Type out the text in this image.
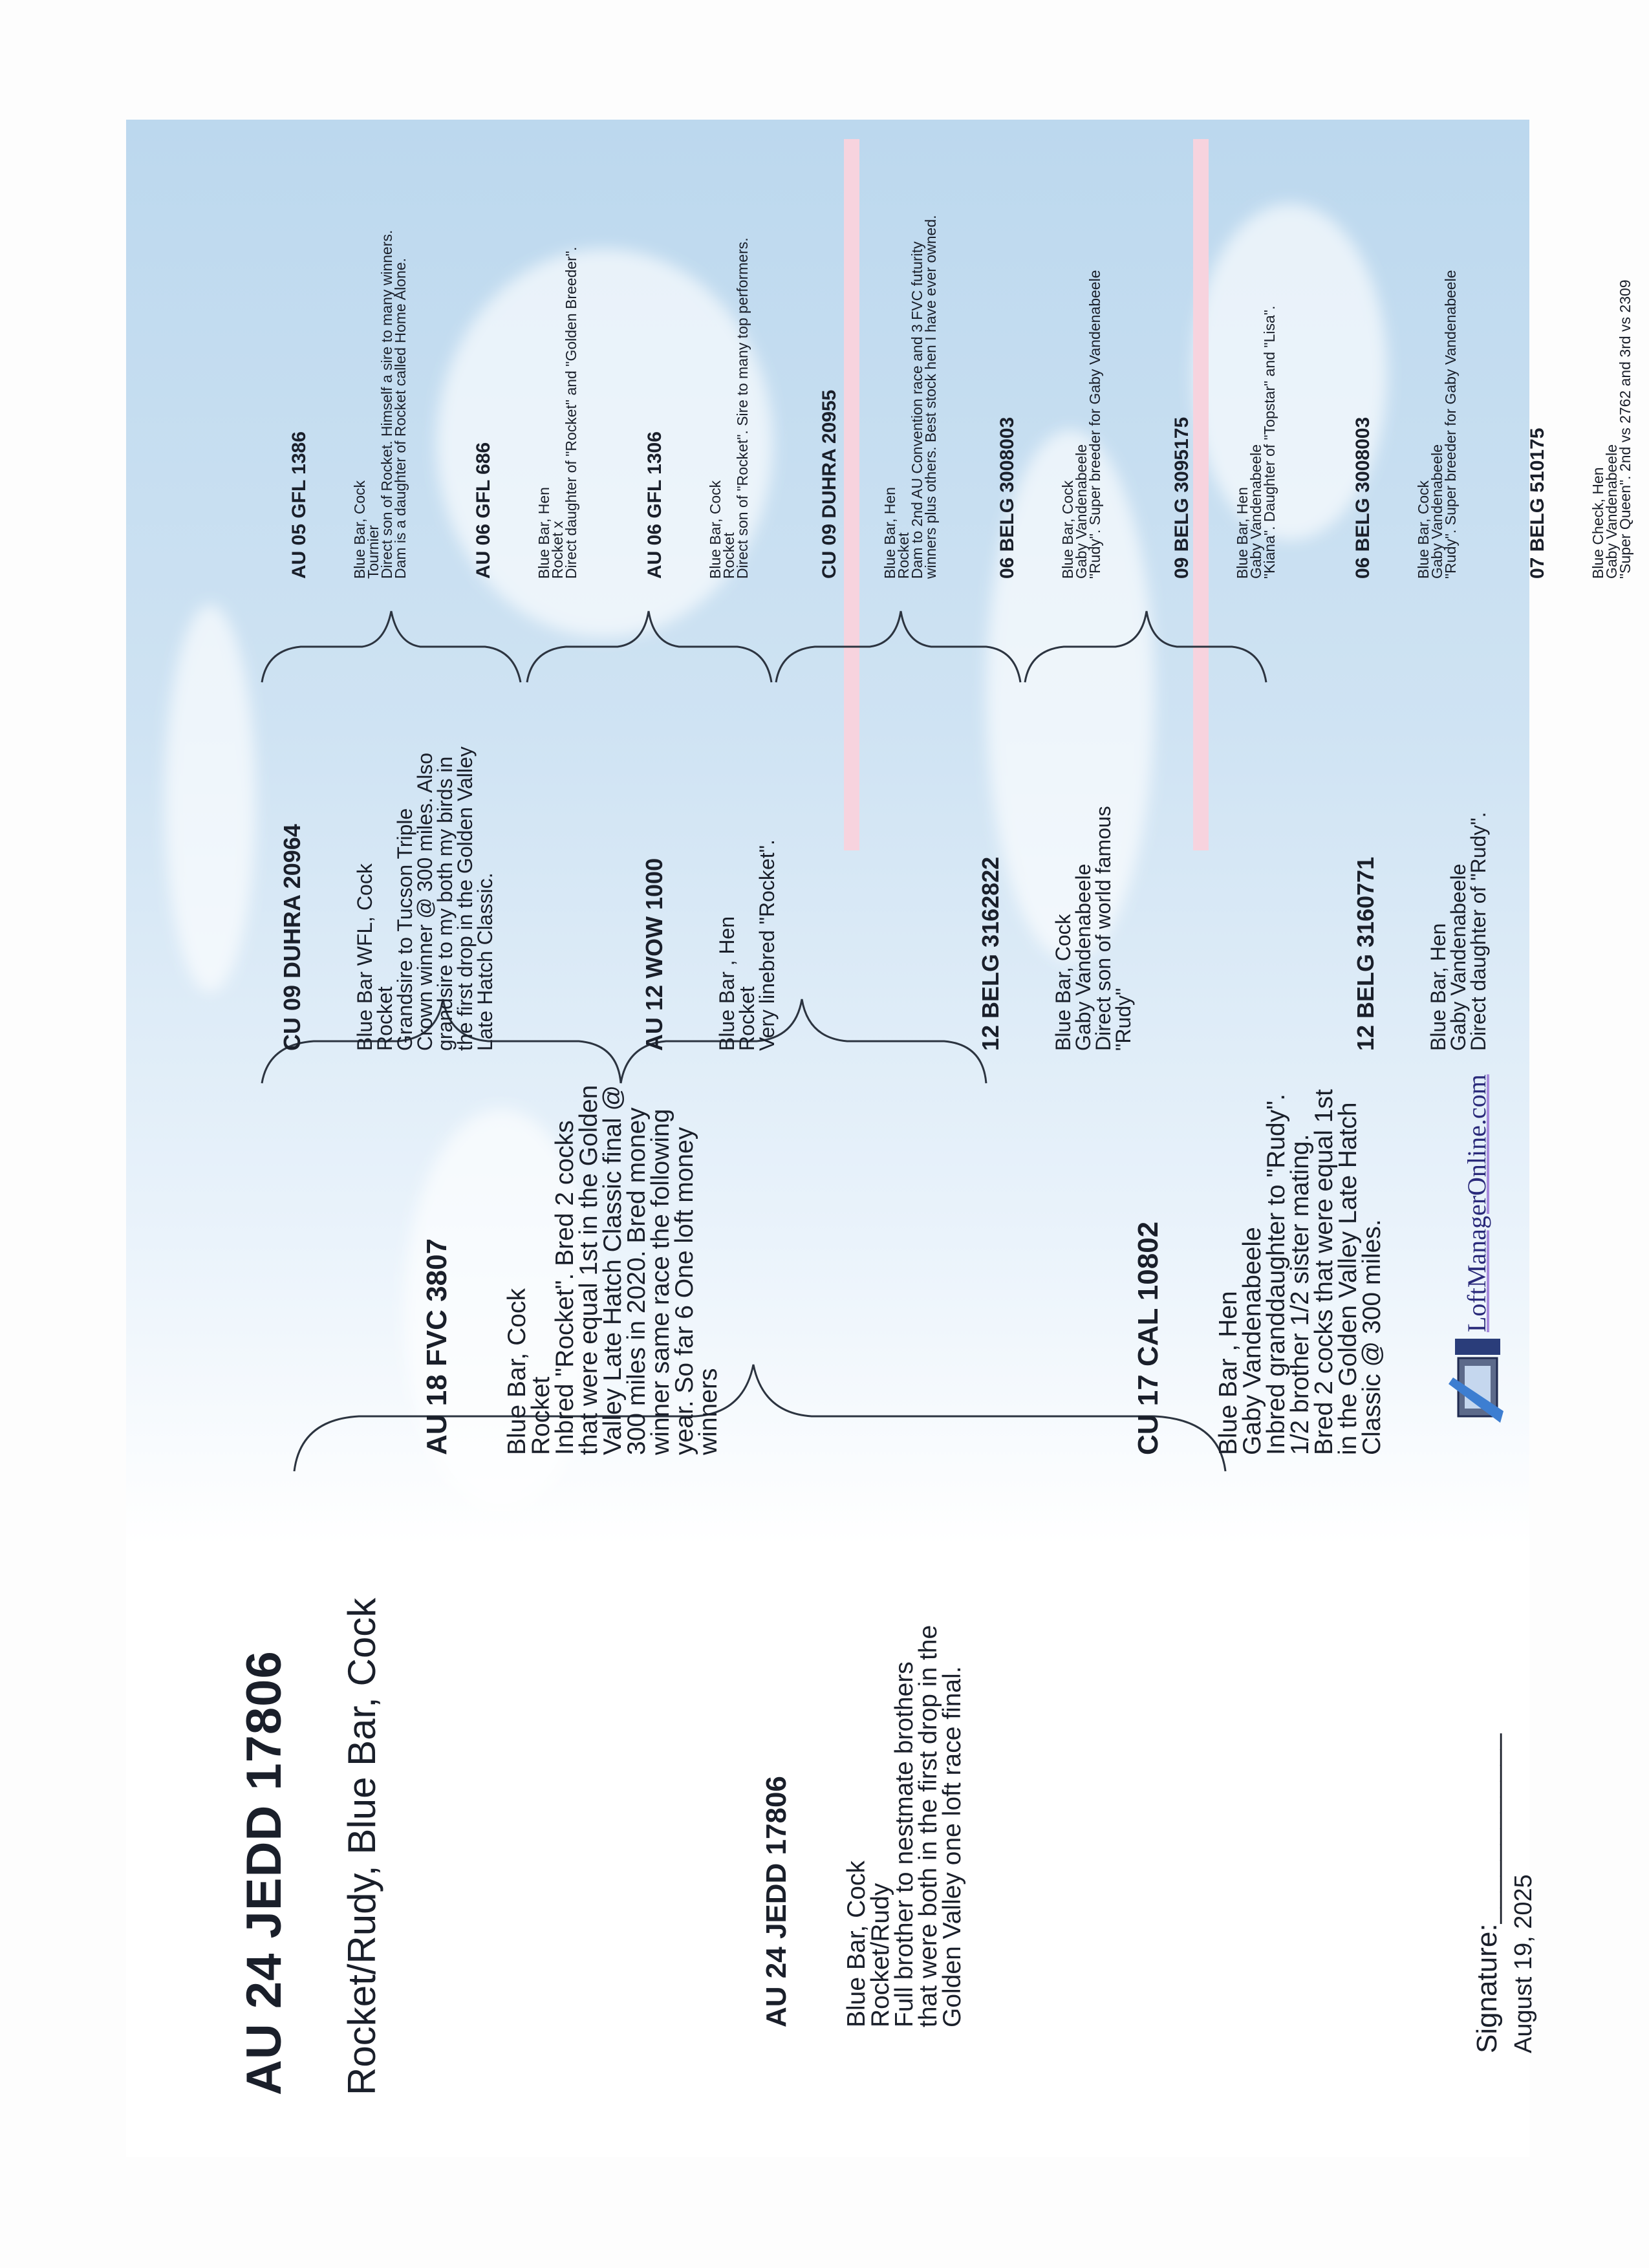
AU 24 JEDD 17806 Rocket/Rudy, Blue Bar, Cock

	AU 24 JEDD 17806

Blue Bar, Cock
Rocket/Rudy
Full brother to nestmate brothers
that were both in the first drop in the
Golden Valley one loft race final.

AU 18 FVC 3807

Blue Bar, Cock
Rocket
Inbred "Rocket". Bred 2 cocks
that were equal 1st in the Golden
Valley Late Hatch Classic final @
300 miles in 2020. Bred money
winner same race the following
year. So far 6 One loft money
winners

	CU 17 CAL 10802

Blue Bar , Hen
Gaby Vandenabeele
Inbred granddaughter to "Rudy".
1/2 brother 1/2 sister mating.
Bred 2 cocks that were equal 1st
in the Golden Valley Late Hatch
Classic @ 300 miles.

CU 09 DUHRA 20964

Blue Bar WFL, Cock
Rocket
Grandsire to Tucson Triple
Crown winner @ 300 miles. Also
grandsire to my both my birds in
the first drop in the Golden Valley
Late Hatch Classic.

	AU 12 WOW 1000

Blue Bar , Hen
Rocket
Very linebred "Rocket".

	12 BELG 3162822

Blue Bar, Cock
Gaby Vandenabeele
Direct son of world famous
"Rudy"

	12 BELG 3160771

Blue Bar, Hen
Gaby Vandenabeele
Direct daughter of "Rudy".

AU 05 GFL 1386

	Blue Bar, Cock
Tournier
Direct son of Rocket. Himself a sire to many winners.
Dam is a daughter of Rocket called Home Alone.

	AU 06 GFL 686

	Blue Bar, Hen
Rocket x
Direct daughter of "Rocket" and "Golden Breeder".

	AU 06 GFL 1306

	Blue Bar, Cock
Rocket
Direct son of "Rocket". Sire to many top performers.

	CU 09 DUHRA 20955

	Blue Bar, Hen
Rocket
Dam to 2nd AU Convention race and 3 FVC futurity
winners plus others. Best stock hen I have ever owned.

	06 BELG 3008003

	Blue Bar, Cock
Gaby Vandenabeele
"Rudy". Super breeder for Gaby Vandenabeele

	09 BELG 3095175

	Blue Bar, Hen
Gaby Vandenabeele
"Kiana". Daughter of "Topstar" and "Lisa".

	06 BELG 3008003

	Blue Bar, Cock
Gaby Vandenabeele
"Rudy". Super breeder for Gaby Vandenabeele

	07 BELG 510175

	Blue Check, Hen
Gaby Vandenabeele
"Super Queen". 2nd vs 2762 and 3rd vs 2309

LoftManagerOnline.com
Signature:____________
August 19, 2025
